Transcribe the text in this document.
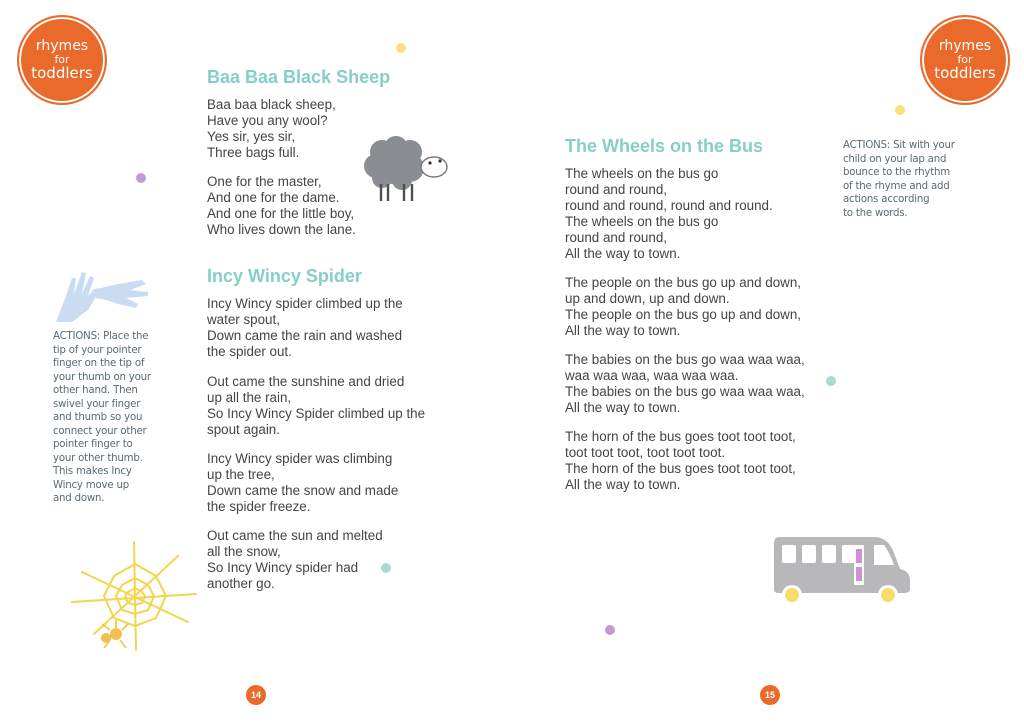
rhymes
for
toddlers
rhymes
for
toddlers
Baa Baa Black Sheep
Baa baa black sheep,
Have you any wool?
Yes sir, yes sir,
Three bags full.
One for the master,
And one for the dame.
And one for the little boy,
Who lives down the lane.
Incy Wincy Spider
Incy Wincy spider climbed up the
water spout,
Down came the rain and washed
the spider out.
Out came the sunshine and dried
up all the rain,
So Incy Wincy Spider climbed up the
spout again.
Incy Wincy spider was climbing
up the tree,
Down came the snow and made
the spider freeze.
Out came the sun and melted
all the snow,
So Incy Wincy spider had
another go.
ACTIONS: Place the
tip of your pointer
finger on the tip of
your thumb on your
other hand. Then
swivel your finger
and thumb so you
connect your other
pointer finger to
your other thumb.
This makes Incy
Wincy move up
and down.
The Wheels on the Bus
The wheels on the bus go
round and round,
round and round, round and round.
The wheels on the bus go
round and round,
All the way to town.
The people on the bus go up and down,
up and down, up and down.
The people on the bus go up and down,
All the way to town.
The babies on the bus go waa waa waa,
waa waa waa, waa waa waa.
The babies on the bus go waa waa waa,
All the way to town.
The horn of the bus goes toot toot toot,
toot toot toot, toot toot toot.
The horn of the bus goes toot toot toot,
All the way to town.
ACTIONS: Sit with your
child on your lap and
bounce to the rhythm
of the rhyme and add
actions according
to the words.
14	15
